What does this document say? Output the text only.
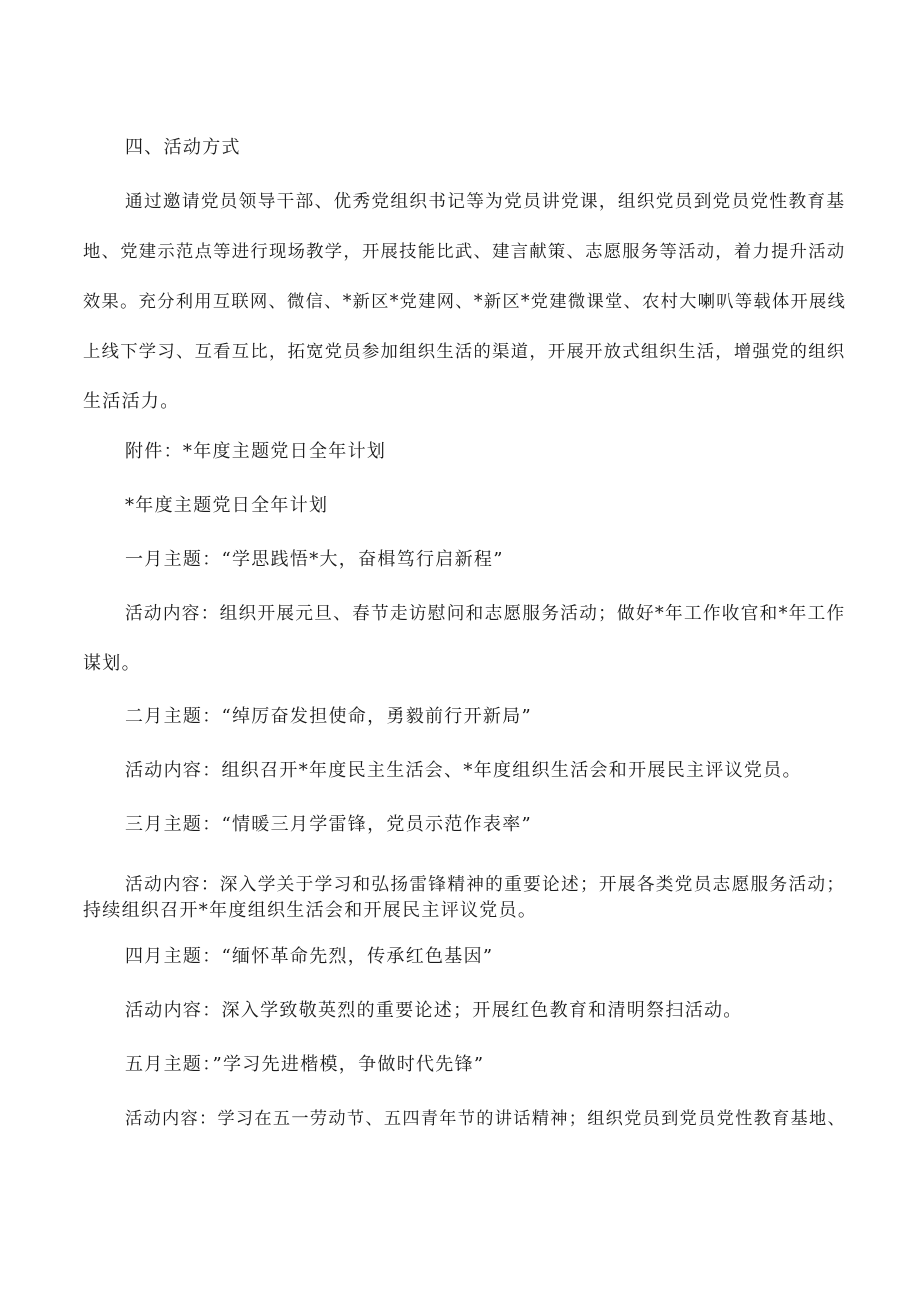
四、活动方式

通过邀请党员领导干部、优秀党组织书记等为党员讲党课，组织党员到党员党性教育基
地、党建示范点等进行现场教学，开展技能比武、建言献策、志愿服务等活动，着力提升活动
效果。充分利用互联网、微信、*新区*党建网、*新区*党建微课堂、农村大喇叭等载体开展线
上线下学习、互看互比，拓宽党员参加组织生活的渠道，开展开放式组织生活，增强党的组织
生活活力。

附件：*年度主题党日全年计划

*年度主题党日全年计划

一月主题：“学思践悟*大，奋楫笃行启新程”

活动内容：组织开展元旦、春节走访慰问和志愿服务活动；做好*年工作收官和*年工作
谋划。

二月主题：“绰厉奋发担使命，勇毅前行开新局”

活动内容：组织召开*年度民主生活会、*年度组织生活会和开展民主评议党员。

三月主题：“情暖三月学雷锋，党员示范作表率”

活动内容：深入学关于学习和弘扬雷锋精神的重要论述；开展各类党员志愿服务活动；
持续组织召开*年度组织生活会和开展民主评议党员。

四月主题：“缅怀革命先烈，传承红色基因”

活动内容：深入学致敬英烈的重要论述；开展红色教育和清明祭扫活动。

五月主题：”学习先进楷模，争做时代先锋”

活动内容：学习在五一劳动节、五四青年节的讲话精神；组织党员到党员党性教育基地、
